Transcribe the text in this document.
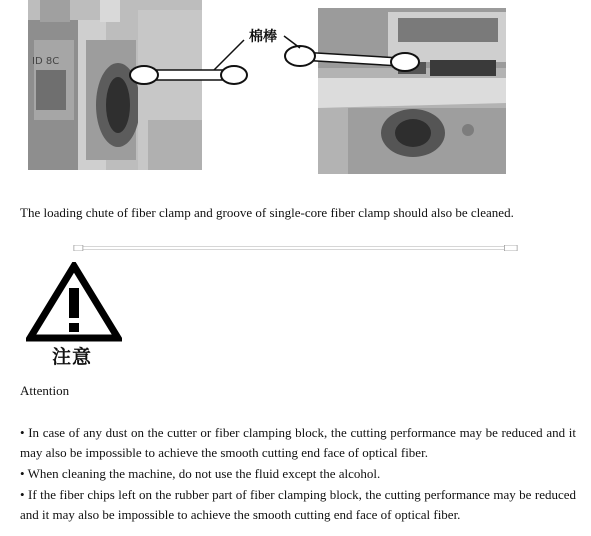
ID 8C
棉棒
The loading chute of fiber clamp and groove of single-core fiber clamp should also be cleaned.
注意
Attention
• In case of any dust on the cutter or fiber clamping block, the cutting performance may be reduced and it may also be impossible to achieve the smooth cutting end face of optical fiber.
• When cleaning the machine, do not use the fluid except the alcohol.
• If the fiber chips left on the rubber part of fiber clamping block, the cutting performance may be reduced and it may also be impossible to achieve the smooth cutting end face of optical fiber.
